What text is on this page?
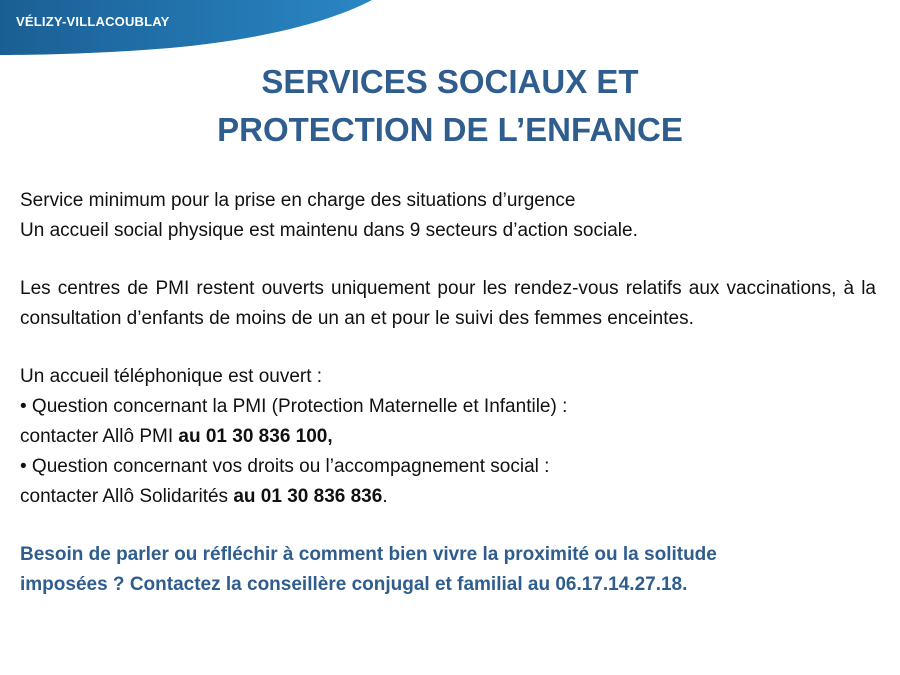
VÉLIZY-VILLACOUBLAY
SERVICES SOCIAUX ET
PROTECTION DE L’ENFANCE
Service minimum pour la prise en charge des situations d’urgence
Un accueil social physique est maintenu dans 9 secteurs d’action sociale.
Les centres de PMI restent ouverts uniquement pour les rendez-vous relatifs aux vaccinations, à la consultation d’enfants de moins de un an et pour le suivi des femmes enceintes.
Un accueil téléphonique est ouvert :
• Question concernant la PMI (Protection Maternelle et Infantile) :
contacter Allô PMI au 01 30 836 100,
• Question concernant vos droits ou l’accompagnement social :
contacter Allô Solidarités au 01 30 836 836.
Besoin de parler ou réfléchir à comment bien vivre la proximité ou la solitude
imposées ? Contactez la conseillère conjugal et familial au 06.17.14.27.18.
